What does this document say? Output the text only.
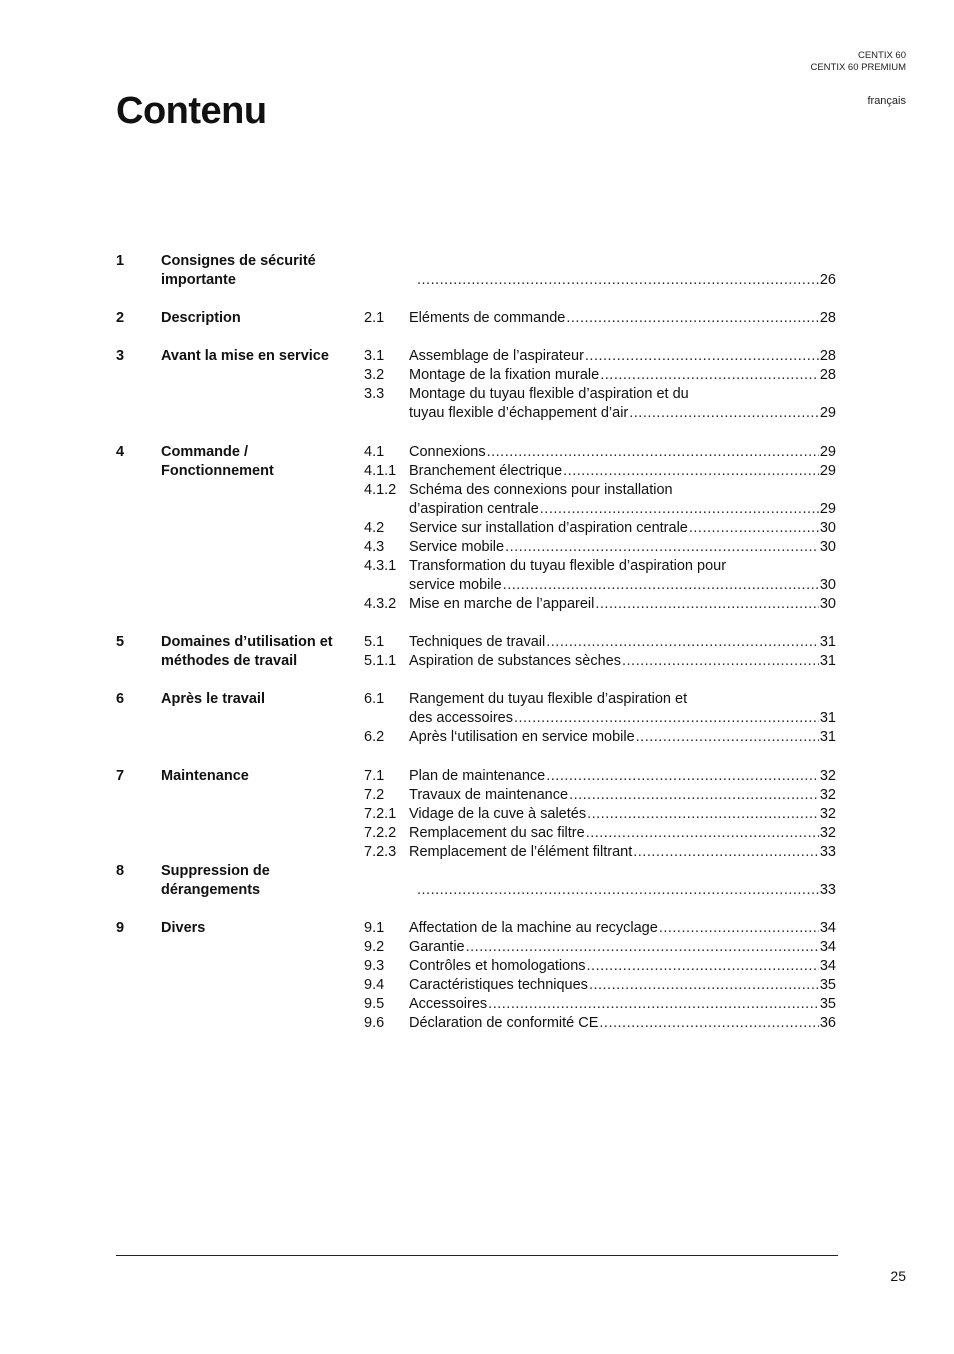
CENTIX 60
CENTIX 60 PREMIUM
français
Contenu
1	Consignes de sécurité importante .....	26
2	Description	2.1 Eléments de commande .....	28
3	Avant la mise en service	3.1 Assemblage de l’aspirateur .....	28
3.2 Montage de la fixation murale .....	28
3.3 Montage du tuyau flexible d’aspiration et du
tuyau flexible d’échappement d’air .....	29
4	Commande / Fonctionnement
4.1 Connexions .....	29
4.1.1 Branchement électrique .....	29
4.1.2 Schéma des connexions pour installation
d’aspiration centrale .....	29
4.2 Service sur installation d’aspiration centrale .....	30
4.3 Service mobile .....	30
4.3.1 Transformation du tuyau flexible d’aspiration pour
service mobile .....	30
4.3.2 Mise en marche de l’appareil .....	30
5	Domaines d’utilisation et méthodes de travail
5.1 Techniques de travail .....	31
5.1.1 Aspiration de substances sèches .....	31
6	Après le travail	6.1 Rangement du tuyau flexible d’aspiration et
des accessoires .....	31
6.2 Après l‘utilisation en service mobile .....	31
7	Maintenance	7.1 Plan de maintenance .....	32
7.2 Travaux de maintenance .....	32
7.2.1 Vidage de la cuve à saletés .....	32
7.2.2 Remplacement du sac filtre .....	32
7.2.3 Remplacement de l’élément filtrant .....	33
8	Suppression de dérangements .....	33
9	Divers	9.1 Affectation de la machine au recyclage .....	34
9.2 Garantie .....	34
9.3 Contrôles et homologations .....	34
9.4 Caractéristiques techniques .....	35
9.5 Accessoires .....	35
9.6 Déclaration de conformité CE .....	36
25
